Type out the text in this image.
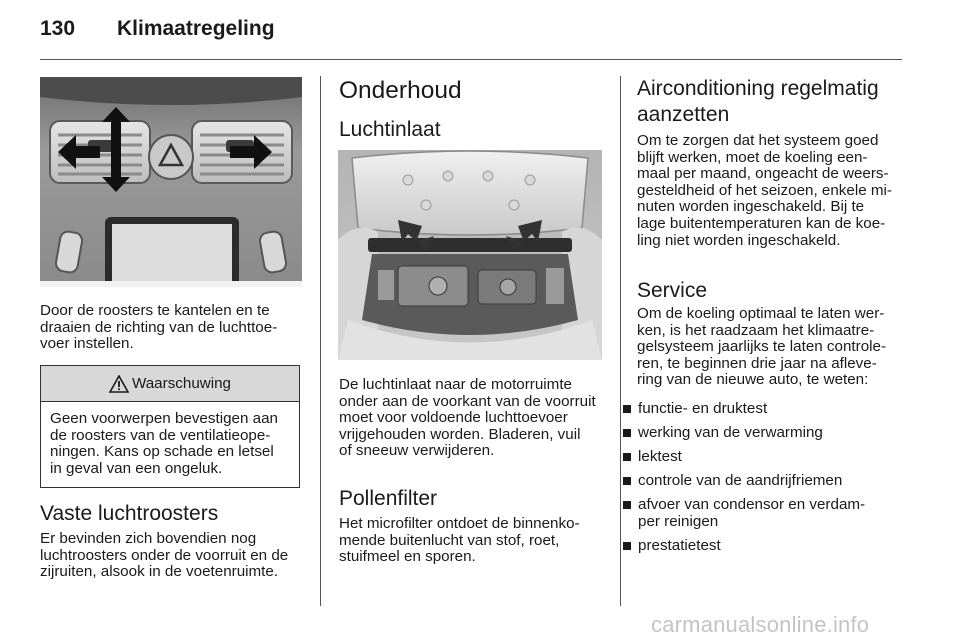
130 Klimaatregeling

Door de roosters te kantelen en te

draaien de richting van de luchttoe-

voer instellen.

Waarschuwing

Geen voorwerpen bevestigen aan

de roosters van de ventilatieope-

ningen. Kans op schade en letsel

in geval van een ongeluk.

Vaste luchtroosters

Er bevinden zich bovendien nog

luchtroosters onder de voorruit en de

zijruiten, alsook in de voetenruimte.

Onderhoud
Luchtinlaat

De luchtinlaat naar de motorruimte

onder aan de voorkant van de voorruit

moet voor voldoende luchttoevoer

vrijgehouden worden. Bladeren, vuil

of sneeuw verwijderen.

Pollenfilter

Het microfilter ontdoet de binnenko-

mende buitenlucht van stof, roet,

stuifmeel en sporen.

Airconditioning regelmatig
aanzetten

Om te zorgen dat het systeem goed

blijft werken, moet de koeling een-

maal per maand, ongeacht de weers-

gesteldheid of het seizoen, enkele mi-

nuten worden ingeschakeld. Bij te

lage buitentemperaturen kan de koe-

ling niet worden ingeschakeld.

Service

Om de koeling optimaal te laten wer-

ken, is het raadzaam het klimaatre-

gelsysteem jaarlijks te laten controle-

ren, te beginnen drie jaar na afleve-

ring van de nieuwe auto, te weten:

functie- en druktest
werking van de verwarming
lektest
controle van de aandrijfriemen
afvoer van condensor en verdam-
per reinigen
prestatietest
carmanualsonline.info
